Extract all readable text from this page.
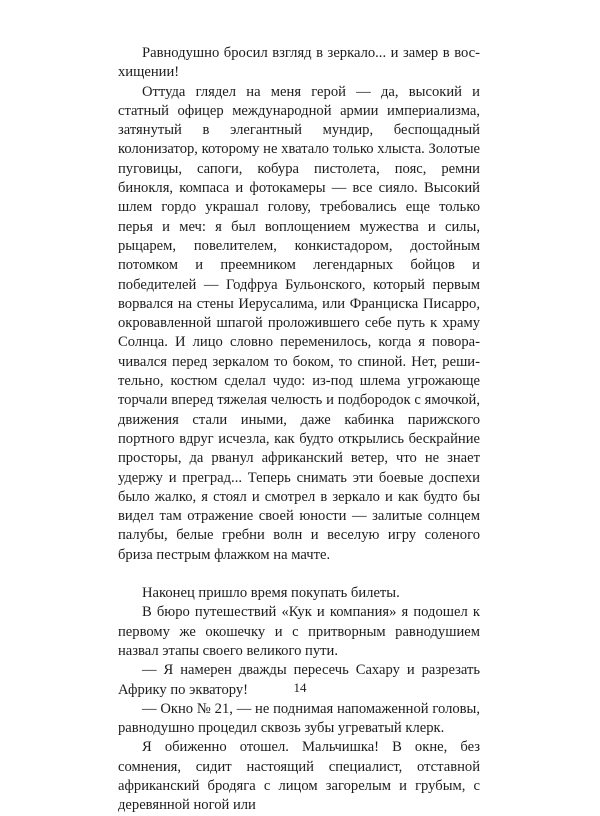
Равнодушно бросил взгляд в зеркало... и замер в восхищении!

Оттуда глядел на меня герой — да, высокий и статный офицер международной армии империализма, затянутый в элегантный мундир, беспощадный колонизатор, которому не хватало только хлыста. Золотые пуговицы, сапоги, кобура пистолета, пояс, ремни бинокля, компаса и фотокамеры — все сияло. Высокий шлем гордо украшал голову, требовались еще только перья и меч: я был воплощением мужества и силы, рыцарем, повелителем, конкистадором, достойным потомком и преемником легендарных бойцов и победителей — Годфруа Бульонского, который первым ворвался на стены Иерусалима, или Франциска Писарро, окровавленной шпагой проложившего себе путь к храму Солнца. И лицо словно переменилось, когда я поворачивался перед зеркалом то боком, то спиной. Нет, решительно, костюм сделал чудо: из-под шлема угрожающе торчали вперед тяжелая челюсть и подбородок с ямочкой, движения стали иными, даже кабинка парижского портного вдруг исчезла, как будто открылись бескрайние просторы, да рванул африканский ветер, что не знает удержу и преград... Теперь снимать эти боевые доспехи было жалко, я стоял и смотрел в зеркало и как будто бы видел там отражение своей юности — залитые солнцем палубы, белые гребни волн и веселую игру соленого бриза пестрым флажком на мачте.

Наконец пришло время покупать билеты.

В бюро путешествий «Кук и компания» я подошел к первому же окошечку и с притворным равнодушием назвал этапы своего великого пути.

— Я намерен дважды пересечь Сахару и разрезать Африку по экватору!

— Окно № 21, — не поднимая напомаженной головы, равнодушно процедил сквозь зубы угреватый клерк.

Я обиженно отошел. Мальчишка! В окне, без сомнения, сидит настоящий специалист, отставной африканский бродяга с лицом загорелым и грубым, с деревянной ногой или

14
